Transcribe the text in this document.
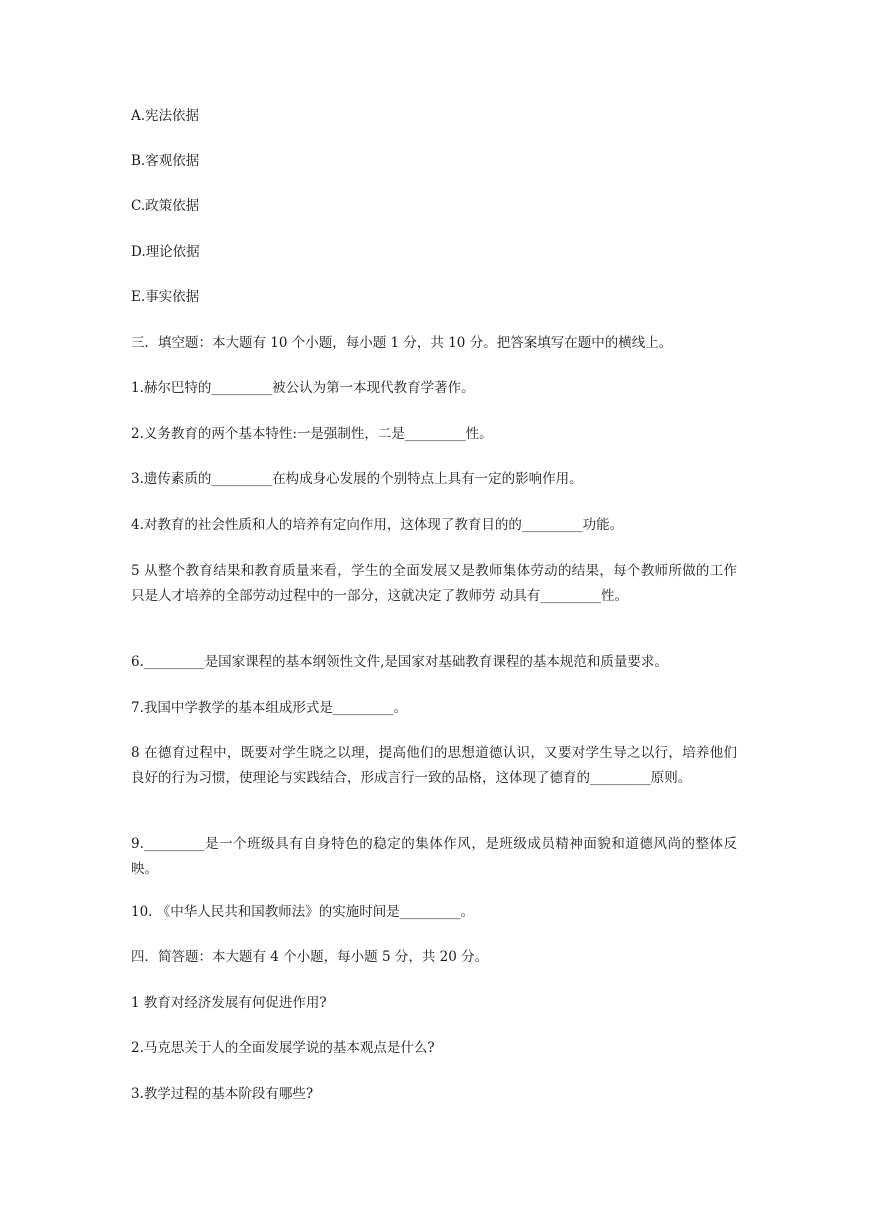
A.宪法依据
B.客观依据
C.政策依据
D.理论依据
E.事实依据
三．填空题：本大题有 10 个小题，每小题 1 分，共 10 分。把答案填写在题中的横线上。
1.赫尔巴特的_________被公认为第一本现代教育学著作。
2.义务教育的两个基本特性:一是强制性，二是_________性。
3.遗传素质的_________在构成身心发展的个别特点上具有一定的影响作用。
4.对教育的社会性质和人的培养有定向作用，这体现了教育目的的_________功能。
5 从整个教育结果和教育质量来看，学生的全面发展又是教师集体劳动的结果，每个教师所做的工作只是人才培养的全部劳动过程中的一部分，这就决定了教师劳 动具有_________性。
6._________是国家课程的基本纲领性文件,是国家对基础教育课程的基本规范和质量要求。
7.我国中学教学的基本组成形式是_________。
8 在德育过程中，既要对学生晓之以理，提高他们的思想道德认识，又要对学生导之以行，培养他们良好的行为习惯，使理论与实践结合，形成言行一致的品格，这体现了德育的_________原则。
9._________是一个班级具有自身特色的稳定的集体作风，是班级成员精神面貌和道德风尚的整体反映。
10. 《中华人民共和国教师法》的实施时间是_________。
四．简答题：本大题有 4 个小题，每小题 5 分，共 20 分。
1 教育对经济发展有何促进作用?
2.马克思关于人的全面发展学说的基本观点是什么?
3.教学过程的基本阶段有哪些?
